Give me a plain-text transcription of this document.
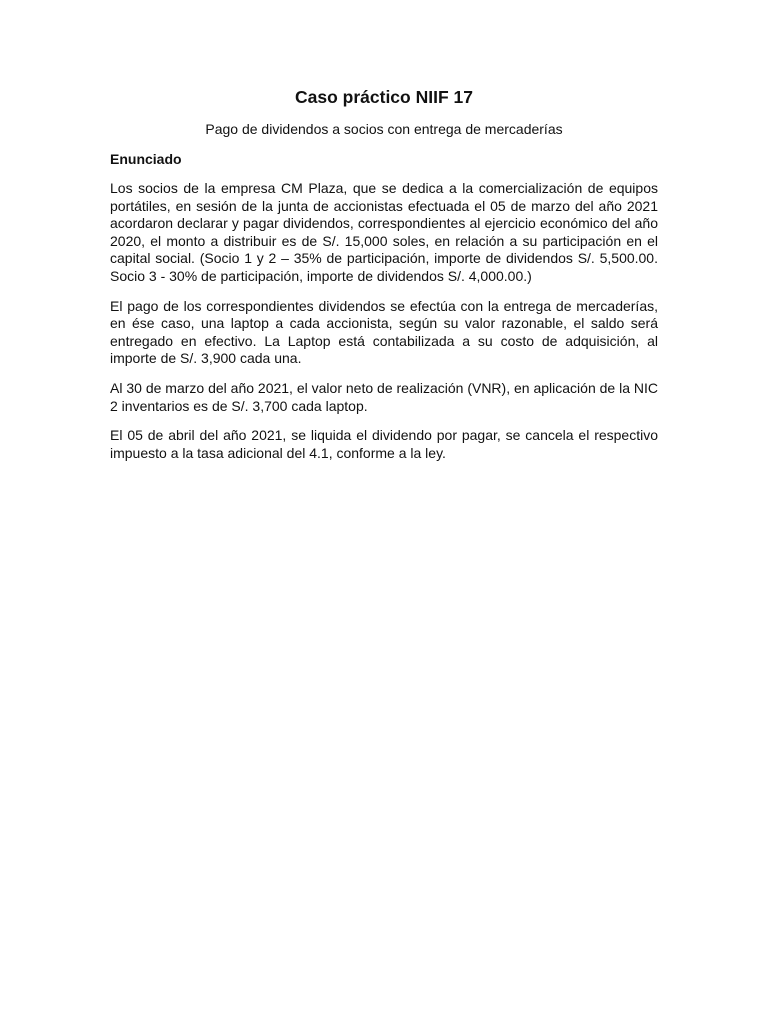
Caso práctico NIIF 17

Pago de dividendos a socios con entrega de mercaderías

Enunciado

Los socios de la empresa CM Plaza, que se dedica a la comercialización de equipos portátiles, en sesión de la junta de accionistas efectuada el 05 de marzo del año 2021 acordaron declarar y pagar dividendos, correspondientes al ejercicio económico del año 2020, el monto a distribuir es de S/. 15,000 soles, en relación a su participación en el capital social. (Socio 1 y 2 – 35% de participación, importe de dividendos S/. 5,500.00. Socio 3 - 30% de participación, importe de dividendos S/. 4,000.00.)

El pago de los correspondientes dividendos se efectúa con la entrega de mercaderías, en ése caso, una laptop a cada accionista, según su valor razonable, el saldo será entregado en efectivo. La Laptop está contabilizada a su costo de adquisición, al importe de S/. 3,900 cada una.

Al 30 de marzo del año 2021, el valor neto de realización (VNR), en aplicación de la NIC 2 inventarios es de S/. 3,700 cada laptop.

El 05 de abril del año 2021, se liquida el dividendo por pagar, se cancela el respectivo impuesto a la tasa adicional del 4.1, conforme a la ley.
